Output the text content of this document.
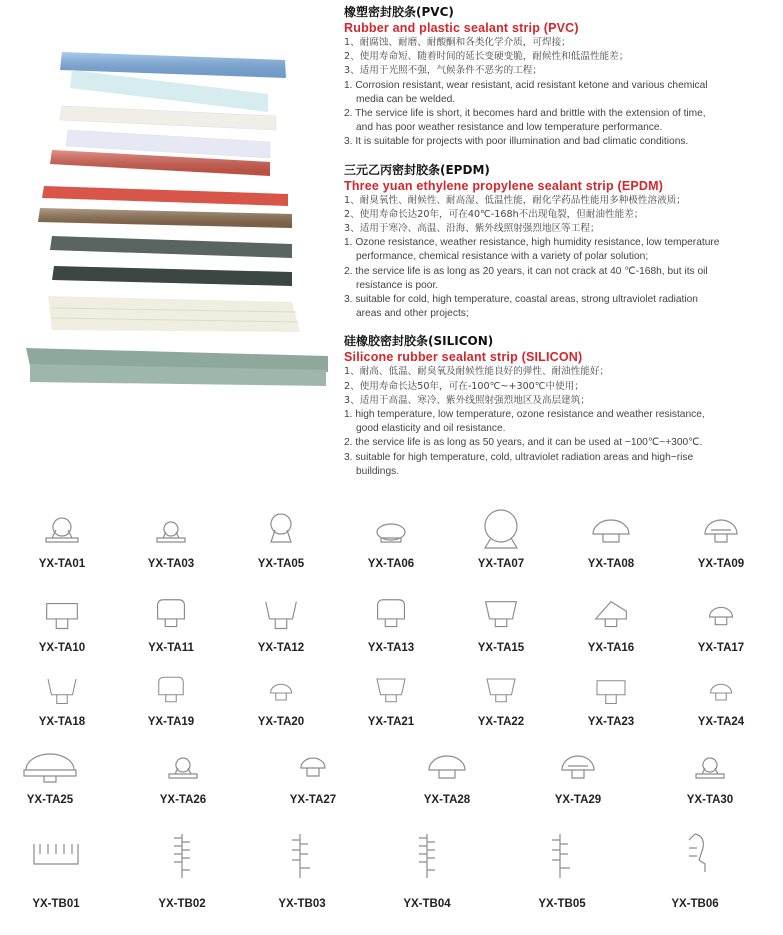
橡塑密封胶条(PVC)
Rubber and plastic sealant strip (PVC)
1、耐腐蚀、耐磨、耐酸酮和各类化学介质，可焊接；
2、使用寿命短、随着时间的延长变硬变脆，耐候性和低温性能差；
3、适用于光照不强，气候条件不恶劣的工程；
1. Corrosion resistant, wear resistant, acid resistant ketone and various chemical
media can be welded.
2. The service life is short, it becomes hard and brittle with the extension of time,
and has poor weather resistance and low temperature performance.
3. It is suitable for projects with poor illumination and bad climatic conditions.
三元乙丙密封胶条(EPDM)
Three yuan ethylene propylene sealant strip (EPDM)
1、耐臭氧性、耐候性、耐高湿、低温性能，耐化学药品性能用多种极性溶液质；
2、使用寿命长达20年，可在40℃-168h不出现龟裂，但耐油性能差；
3、适用于寒冷、高温、沿海、紫外线照射强烈地区等工程；
1. Ozone resistance, weather resistance, high humidity resistance, low temperature
performance, chemical resistance with a variety of polar solution;
2. the service life is as long as 20 years, it can not crack at 40 ℃-168h, but its oil
resistance is poor.
3. suitable for cold, high temperature, coastal areas, strong ultraviolet radiation
areas and other projects;
硅橡胶密封胶条(SILICON)
Silicone rubber sealant strip (SILICON)
1、耐高、低温、耐臭氧及耐候性能良好的弹性、耐油性能好；
2、使用寿命长达50年，可在-100℃~+300℃中使用；
3、适用于高温、寒冷、紫外线照射强烈地区及高层建筑；
1. high temperature, low temperature, ozone resistance and weather resistance,
good elasticity and oil resistance.
2. the service life is as long as 50 years, and it can be used at −100℃~+300℃.
3. suitable for high temperature, cold, ultraviolet radiation areas and high−rise
buildings.
YX-TA01	YX-TA03	YX-TA05	YX-TA06	YX-TA07	YX-TA08	YX-TA09
YX-TA10	YX-TA11	YX-TA12	YX-TA13	YX-TA15	YX-TA16	YX-TA17
YX-TA18	YX-TA19	YX-TA20	YX-TA21	YX-TA22	YX-TA23	YX-TA24
YX-TA25	YX-TA26	YX-TA27	YX-TA28	YX-TA29	YX-TA30
YX-TB01	YX-TB02	YX-TB03	YX-TB04	YX-TB05	YX-TB06
